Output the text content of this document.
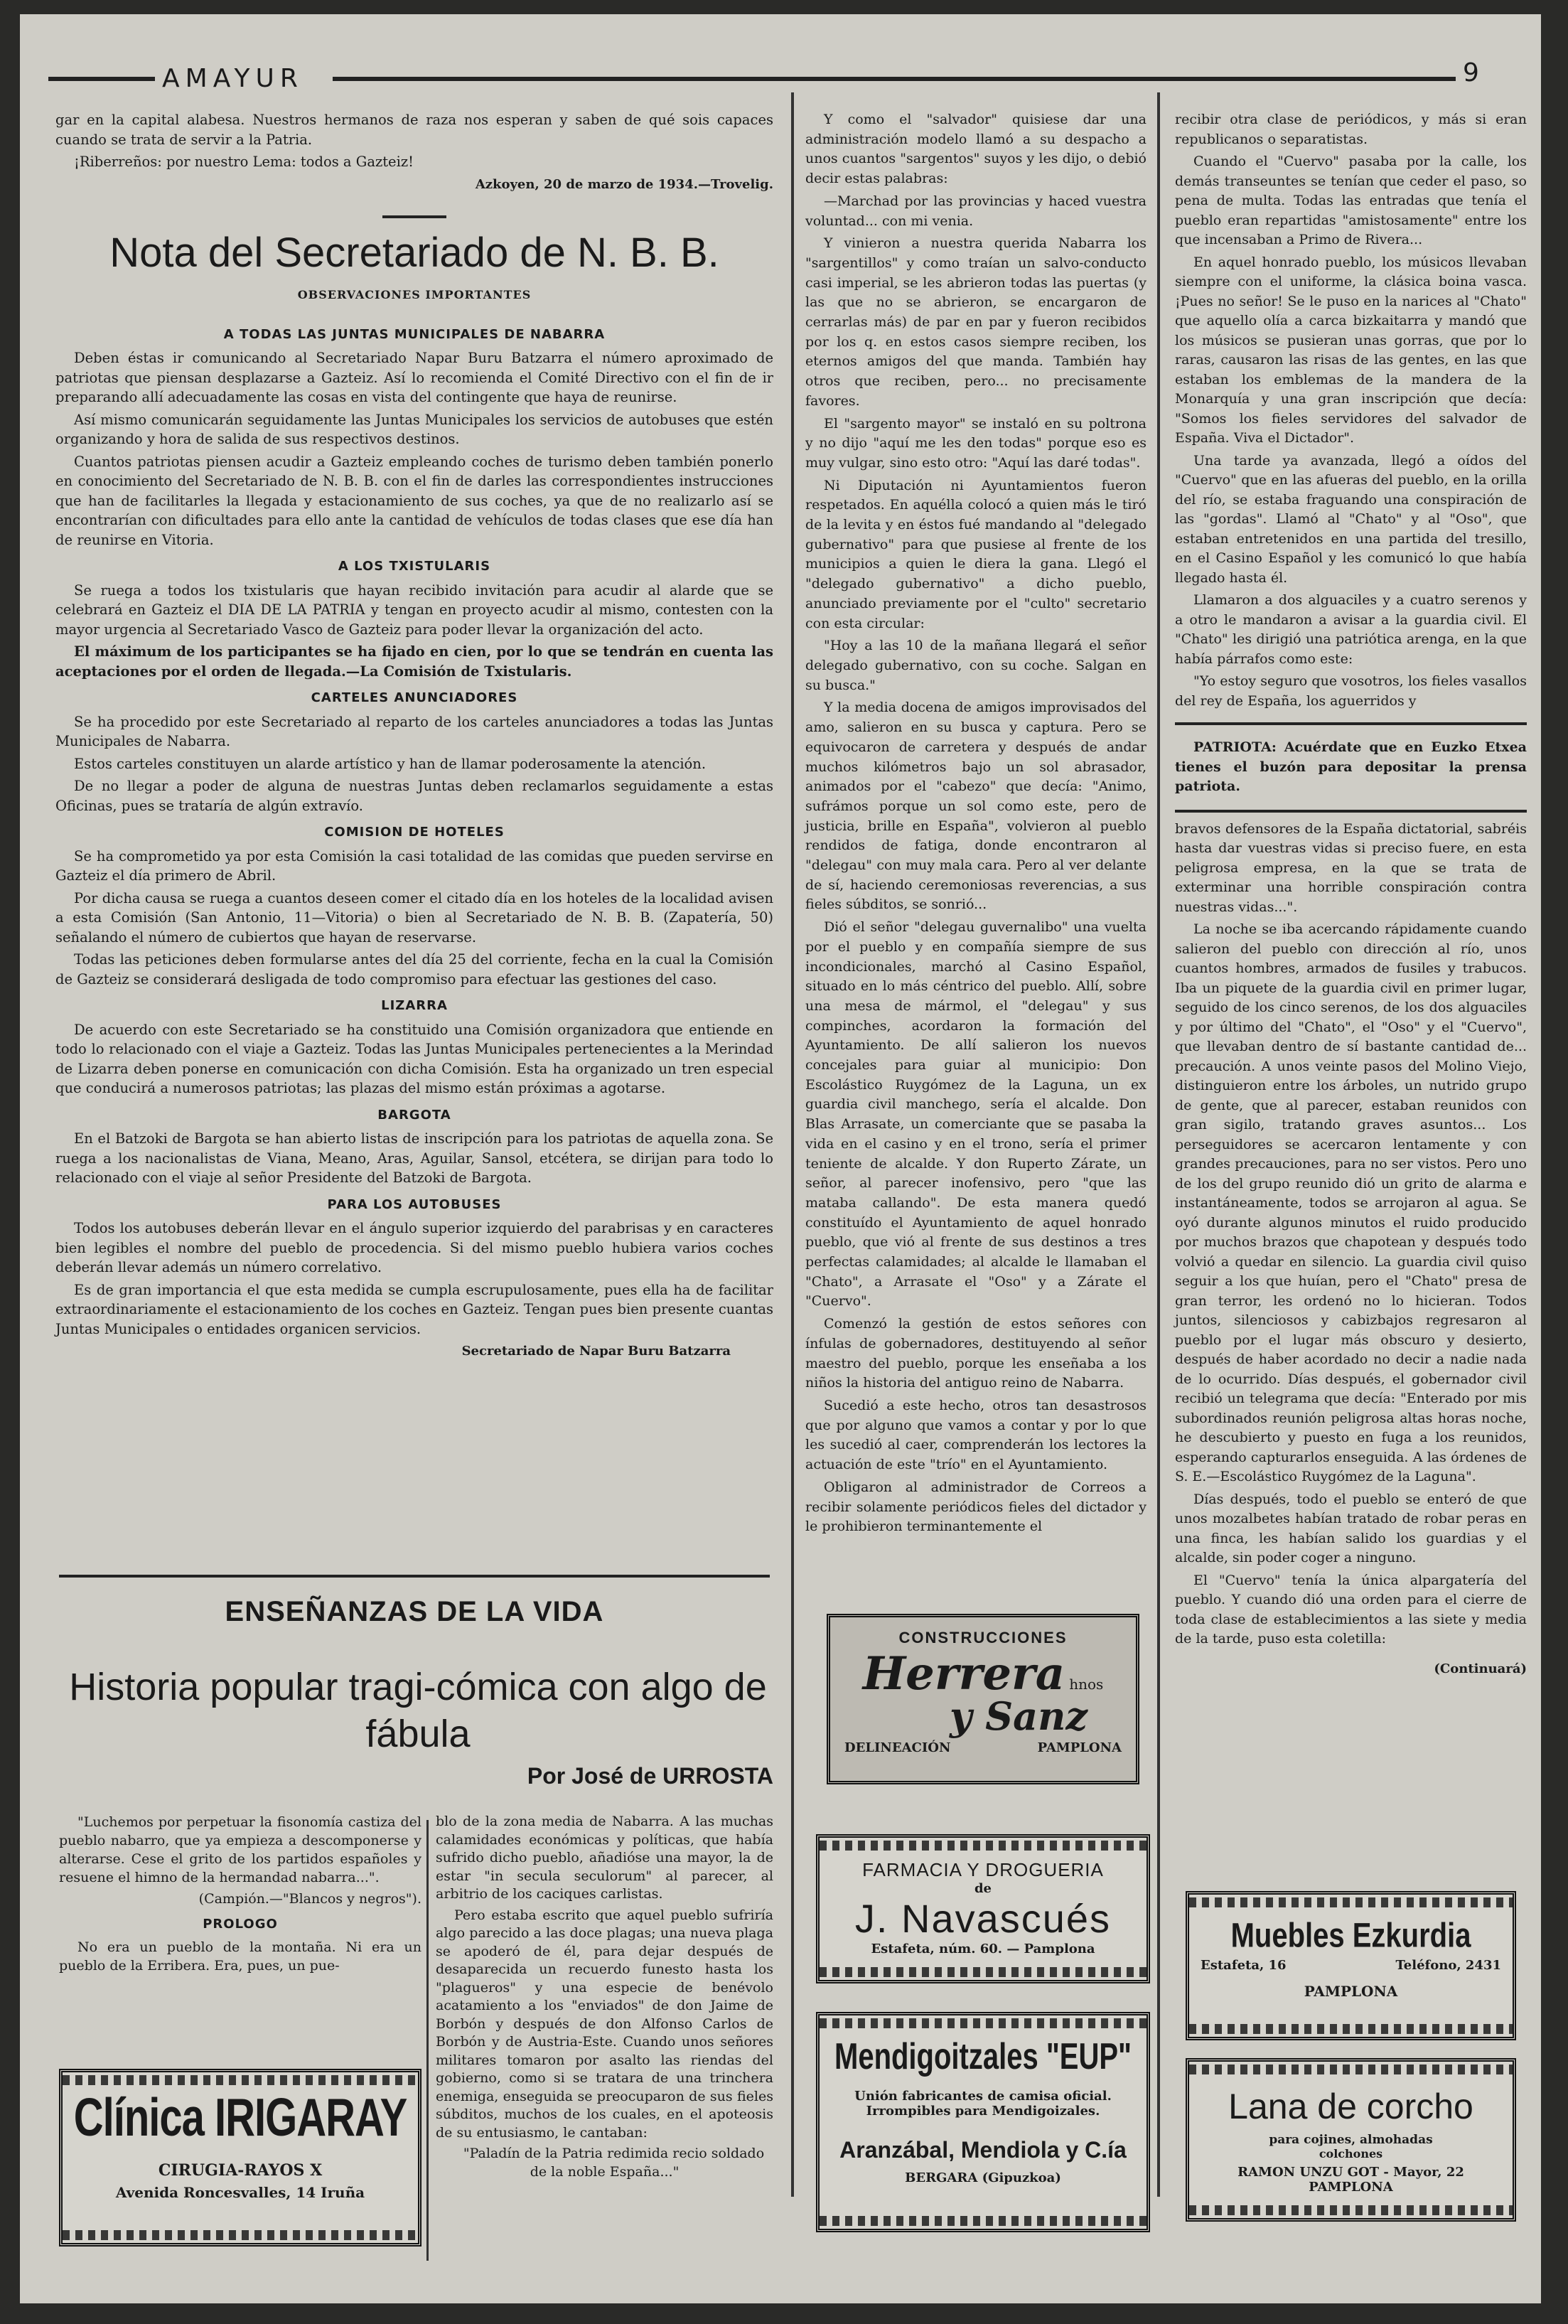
AMAYUR	9

gar en la capital alabesa. Nuestros hermanos de raza nos esperan y saben de qué sois capaces cuando se trata de servir a la Patria.

¡Riberreños: por nuestro Lema: todos a Gazteiz!

Azkoyen, 20 de marzo de 1934.—Trovelig.
Nota del Secretariado de N. B. B.
OBSERVACIONES IMPORTANTES
A TODAS LAS JUNTAS MUNICIPALES DE NABARRA

Deben éstas ir comunicando al Secretariado Napar Buru Batzarra el número aproximado de patriotas que piensan desplazarse a Gazteiz. Así lo recomienda el Comité Directivo con el fin de ir preparando allí adecuadamente las cosas en vista del contingente que haya de reunirse.

Así mismo comunicarán seguidamente las Juntas Municipales los servicios de autobuses que estén organizando y hora de salida de sus respectivos destinos.

Cuantos patriotas piensen acudir a Gazteiz empleando coches de turismo deben también ponerlo en conocimiento del Secretariado de N. B. B. con el fin de darles las correspondientes instrucciones que han de facilitarles la llegada y estacionamiento de sus coches, ya que de no realizarlo así se encontrarían con dificultades para ello ante la cantidad de vehículos de todas clases que ese día han de reunirse en Vitoria.

A LOS TXISTULARIS

Se ruega a todos los txistularis que hayan recibido invitación para acudir al alarde que se celebrará en Gazteiz el DIA DE LA PATRIA y tengan en proyecto acudir al mismo, contesten con la mayor urgencia al Secretariado Vasco de Gazteiz para poder llevar la organización del acto.

El máximum de los participantes se ha fijado en cien, por lo que se tendrán en cuenta las aceptaciones por el orden de llegada.—La Comisión de Txistularis.

CARTELES ANUNCIADORES

Se ha procedido por este Secretariado al reparto de los carteles anunciadores a todas las Juntas Municipales de Nabarra.

Estos carteles constituyen un alarde artístico y han de llamar poderosamente la atención.

De no llegar a poder de alguna de nuestras Juntas deben reclamarlos seguidamente a estas Oficinas, pues se trataría de algún extravío.

COMISION DE HOTELES

Se ha comprometido ya por esta Comisión la casi totalidad de las comidas que pueden servirse en Gazteiz el día primero de Abril.

Por dicha causa se ruega a cuantos deseen comer el citado día en los hoteles de la localidad avisen a esta Comisión (San Antonio, 11—Vitoria) o bien al Secretariado de N. B. B. (Zapatería, 50) señalando el número de cubiertos que hayan de reservarse.

Todas las peticiones deben formularse antes del día 25 del corriente, fecha en la cual la Comisión de Gazteiz se considerará desligada de todo compromiso para efectuar las gestiones del caso.

LIZARRA

De acuerdo con este Secretariado se ha constituido una Comisión organizadora que entiende en todo lo relacionado con el viaje a Gazteiz. Todas las Juntas Municipales pertenecientes a la Merindad de Lizarra deben ponerse en comunicación con dicha Comisión. Esta ha organizado un tren especial que conducirá a numerosos patriotas; las plazas del mismo están próximas a agotarse.

BARGOTA

En el Batzoki de Bargota se han abierto listas de inscripción para los patriotas de aquella zona. Se ruega a los nacionalistas de Viana, Meano, Aras, Aguilar, Sansol, etcétera, se dirijan para todo lo relacionado con el viaje al señor Presidente del Batzoki de Bargota.

PARA LOS AUTOBUSES

Todos los autobuses deberán llevar en el ángulo superior izquierdo del parabrisas y en caracteres bien legibles el nombre del pueblo de procedencia. Si del mismo pueblo hubiera varios coches deberán llevar además un número correlativo.

Es de gran importancia el que esta medida se cumpla escrupulosamente, pues ella ha de facilitar extraordinariamente el estacionamiento de los coches en Gazteiz. Tengan pues bien presente cuantas Juntas Municipales o entidades organicen servicios.

Secretariado de Napar Buru Batzarra
ENSEÑANZAS DE LA VIDA
Historia popular tragi-cómica con algo de fábula
Por José de URROSTA

"Luchemos por perpetuar la fisonomía castiza del pueblo nabarro, que ya empieza a descomponerse y alterarse. Cese el grito de los partidos españoles y resuene el himno de la hermandad nabarra...".

(Campión.—"Blancos y negros").
PROLOGO

No era un pueblo de la montaña. Ni era un pueblo de la Erribera. Era, pues, un pue-

blo de la zona media de Nabarra. A las muchas calamidades económicas y políticas, que había sufrido dicho pueblo, añadióse una mayor, la de estar "in secula seculorum" al parecer, al arbitrio de los caciques carlistas.

Pero estaba escrito que aquel pueblo sufriría algo parecido a las doce plagas; una nueva plaga se apoderó de él, para dejar después de desaparecida un recuerdo funesto hasta los "plagueros" y una especie de benévolo acatamiento a los "enviados" de don Jaime de Borbón y después de don Alfonso Carlos de Borbón y de Austria-Este. Cuando unos señores militares tomaron por asalto las riendas del gobierno, como si se tratara de una trinchera enemiga, enseguida se preocuparon de sus fieles súbditos, muchos de los cuales, en el apoteosis de su entusiasmo, le cantaban:

"Paladín de la Patria redimida recio soldado de la noble España..."

Clínica IRIGARAY
CIRUGIA-RAYOS X
Avenida Roncesvalles, 14 Iruña

Y como el "salvador" quisiese dar una administración modelo llamó a su despacho a unos cuantos "sargentos" suyos y les dijo, o debió decir estas palabras:

—Marchad por las provincias y haced vuestra voluntad... con mi venia.

Y vinieron a nuestra querida Nabarra los "sargentillos" y como traían un salvo-conducto casi imperial, se les abrieron todas las puertas (y las que no se abrieron, se encargaron de cerrarlas más) de par en par y fueron recibidos por los q. en estos casos siempre reciben, los eternos amigos del que manda. También hay otros que reciben, pero... no precisamente favores.

El "sargento mayor" se instaló en su poltrona y no dijo "aquí me les den todas" porque eso es muy vulgar, sino esto otro: "Aquí las daré todas".

Ni Diputación ni Ayuntamientos fueron respetados. En aquélla colocó a quien más le tiró de la levita y en éstos fué mandando al "delegado gubernativo" para que pusiese al frente de los municipios a quien le diera la gana. Llegó el "delegado gubernativo" a dicho pueblo, anunciado previamente por el "culto" secretario con esta circular:

"Hoy a las 10 de la mañana llegará el señor delegado gubernativo, con su coche. Salgan en su busca."

Y la media docena de amigos improvisados del amo, salieron en su busca y captura. Pero se equivocaron de carretera y después de andar muchos kilómetros bajo un sol abrasador, animados por el "cabezo" que decía: "Animo, sufrámos porque un sol como este, pero de justicia, brille en España", volvieron al pueblo rendidos de fatiga, donde encontraron al "delegau" con muy mala cara. Pero al ver delante de sí, haciendo ceremoniosas reverencias, a sus fieles súbditos, se sonrió...

Dió el señor "delegau guvernalibo" una vuelta por el pueblo y en compañía siempre de sus incondicionales, marchó al Casino Español, situado en lo más céntrico del pueblo. Allí, sobre una mesa de mármol, el "delegau" y sus compinches, acordaron la formación del Ayuntamiento. De allí salieron los nuevos concejales para guiar al municipio: Don Escolástico Ruygómez de la Laguna, un ex guardia civil manchego, sería el alcalde. Don Blas Arrasate, un comerciante que se pasaba la vida en el casino y en el trono, sería el primer teniente de alcalde. Y don Ruperto Zárate, un señor, al parecer inofensivo, pero "que las mataba callando". De esta manera quedó constituído el Ayuntamiento de aquel honrado pueblo, que vió al frente de sus destinos a tres perfectas calamidades; al alcalde le llamaban el "Chato", a Arrasate el "Oso" y a Zárate el "Cuervo".

Comenzó la gestión de estos señores con ínfulas de gobernadores, destituyendo al señor maestro del pueblo, porque les enseñaba a los niños la historia del antiguo reino de Nabarra.

Sucedió a este hecho, otros tan desastrosos que por alguno que vamos a contar y por lo que les sucedió al caer, comprenderán los lectores la actuación de este "trío" en el Ayuntamiento.

Obligaron al administrador de Correos a recibir solamente periódicos fieles del dictador y le prohibieron terminantemente el

CONSTRUCCIONES
Herrera hnos
y Sanz
DELINEACIÓN	PAMPLONA
FARMACIA Y DROGUERIA
de
J. Navascués
Estafeta, núm. 60. — Pamplona
Mendigoitzales "EUP"
Unión fabricantes de camisa oficial.
Irrompibles para Mendigoizales.
Aranzábal, Mendiola y C.ía
BERGARA (Gipuzkoa)

recibir otra clase de periódicos, y más si eran republicanos o separatistas.

Cuando el "Cuervo" pasaba por la calle, los demás transeuntes se tenían que ceder el paso, so pena de multa. Todas las entradas que tenía el pueblo eran repartidas "amistosamente" entre los que incensaban a Primo de Rivera...

En aquel honrado pueblo, los músicos llevaban siempre con el uniforme, la clásica boina vasca. ¡Pues no señor! Se le puso en la narices al "Chato" que aquello olía a carca bizkaitarra y mandó que los músicos se pusieran unas gorras, que por lo raras, causaron las risas de las gentes, en las que estaban los emblemas de la mandera de la Monarquía y una gran inscripción que decía: "Somos los fieles servidores del salvador de España. Viva el Dictador".

Una tarde ya avanzada, llegó a oídos del "Cuervo" que en las afueras del pueblo, en la orilla del río, se estaba fraguando una conspiración de las "gordas". Llamó al "Chato" y al "Oso", que estaban entretenidos en una partida del tresillo, en el Casino Español y les comunicó lo que había llegado hasta él.

Llamaron a dos alguaciles y a cuatro serenos y a otro le mandaron a avisar a la guardia civil. El "Chato" les dirigió una patriótica arenga, en la que había párrafos como este:

"Yo estoy seguro que vosotros, los fieles vasallos del rey de España, los aguerridos y

PATRIOTA: Acuérdate que en Euzko Etxea tienes el buzón para depositar la prensa patriota.

bravos defensores de la España dictatorial, sabréis hasta dar vuestras vidas si preciso fuere, en esta peligrosa empresa, en la que se trata de exterminar una horrible conspiración contra nuestras vidas...".

La noche se iba acercando rápidamente cuando salieron del pueblo con dirección al río, unos cuantos hombres, armados de fusiles y trabucos. Iba un piquete de la guardia civil en primer lugar, seguido de los cinco serenos, de los dos alguaciles y por último del "Chato", el "Oso" y el "Cuervo", que llevaban dentro de sí bastante cantidad de... precaución. A unos veinte pasos del Molino Viejo, distinguieron entre los árboles, un nutrido grupo de gente, que al parecer, estaban reunidos con gran sigilo, tratando graves asuntos... Los perseguidores se acercaron lentamente y con grandes precauciones, para no ser vistos. Pero uno de los del grupo reunido dió un grito de alarma e instantáneamente, todos se arrojaron al agua. Se oyó durante algunos minutos el ruido producido por muchos brazos que chapotean y después todo volvió a quedar en silencio. La guardia civil quiso seguir a los que huían, pero el "Chato" presa de gran terror, les ordenó no lo hicieran. Todos juntos, silenciosos y cabizbajos regresaron al pueblo por el lugar más obscuro y desierto, después de haber acordado no decir a nadie nada de lo ocurrido. Días después, el gobernador civil recibió un telegrama que decía: "Enterado por mis subordinados reunión peligrosa altas horas noche, he descubierto y puesto en fuga a los reunidos, esperando capturarlos enseguida. A las órdenes de S. E.—Escolástico Ruygómez de la Laguna".

Días después, todo el pueblo se enteró de que unos mozalbetes habían tratado de robar peras en una finca, les habían salido los guardias y el alcalde, sin poder coger a ninguno.

El "Cuervo" tenía la única alpargatería del pueblo. Y cuando dió una orden para el cierre de toda clase de establecimientos a las siete y media de la tarde, puso esta coletilla:

(Continuará)
Muebles Ezkurdia
Estafeta, 16	Teléfono, 2431
PAMPLONA
Lana de corcho
para cojines, almohadas
colchones
RAMON UNZU GOT - Mayor, 22
PAMPLONA
